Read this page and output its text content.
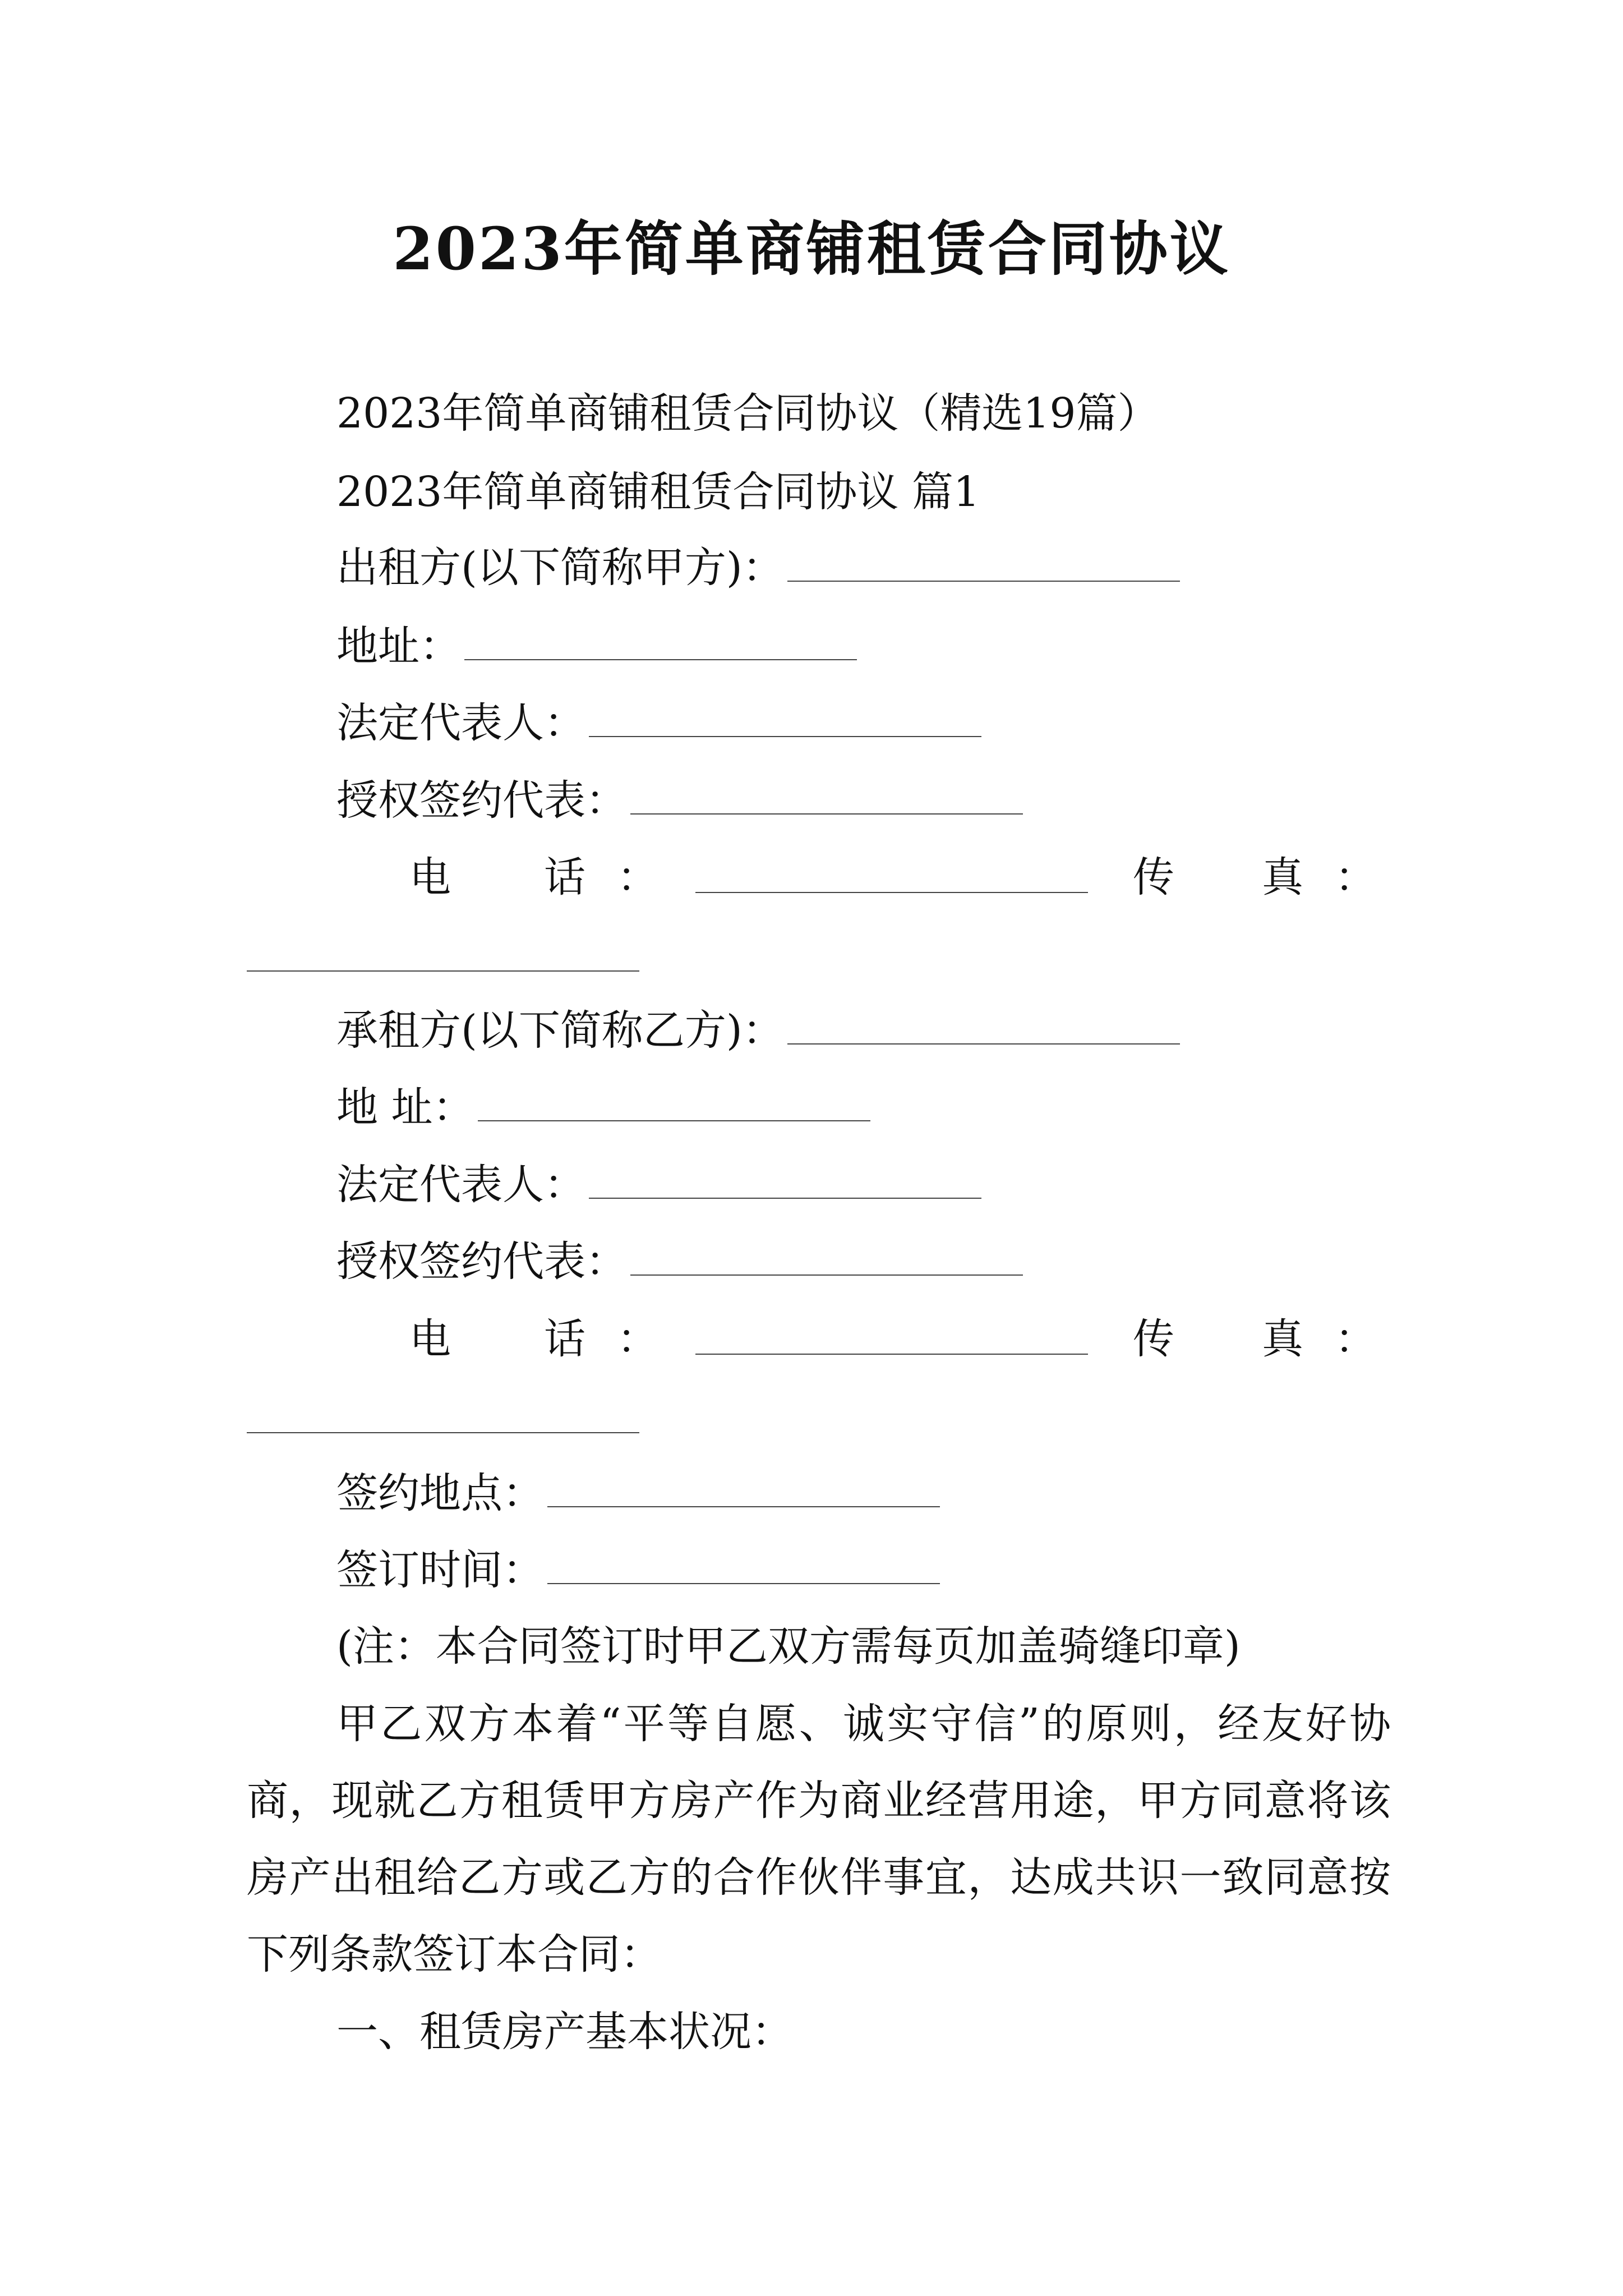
2023年简单商铺租赁合同协议
2023年简单商铺租赁合同协议（精选19篇）
2023年简单商铺租赁合同协议 篇1
出租方(以下简称甲方)：
地址：
法定代表人：
授权签约代表：
电 话 ：	传 真 ：
承租方(以下简称乙方)：
地 址：
法定代表人：
授权签约代表：
电 话 ：	传 真 ：
签约地点：
签订时间：
(注：本合同签订时甲乙双方需每页加盖骑缝印章)
甲乙双方本着“平等自愿、诚实守信”的原则，经友好协商，现就乙方租赁甲方房产作为商业经营用途，甲方同意将该房产出租给乙方或乙方的合作伙伴事宜，达成共识一致同意按下列条款签订本合同：
一、租赁房产基本状况：
